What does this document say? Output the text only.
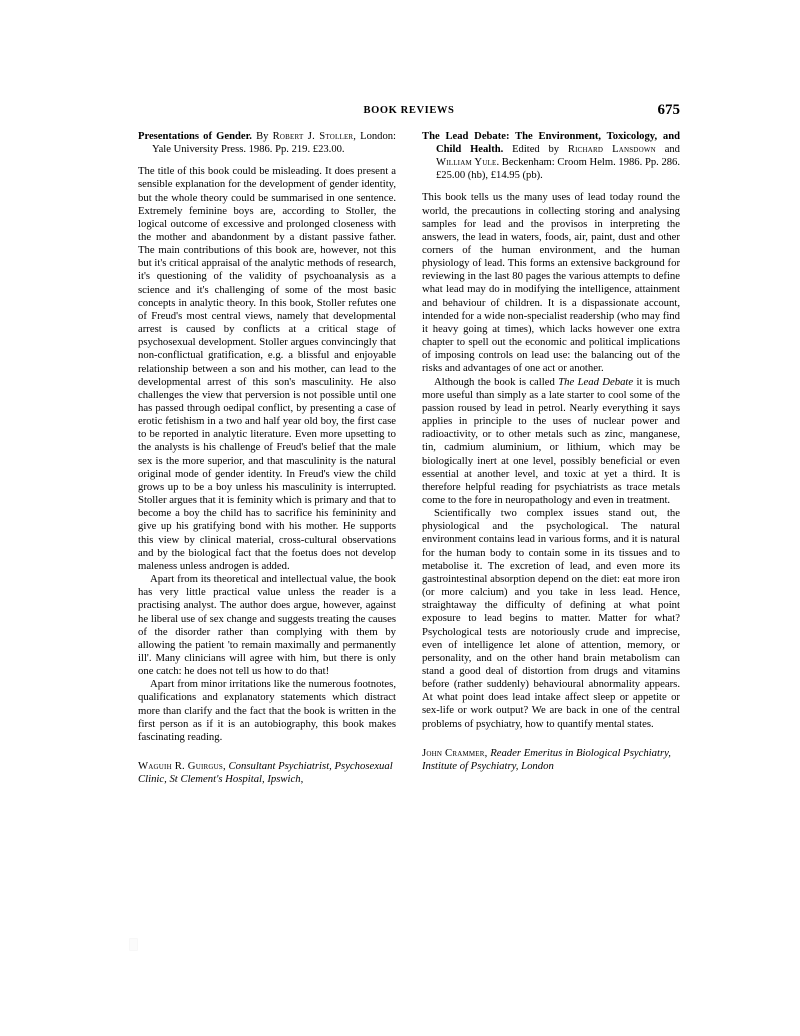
BOOK REVIEWS	675
Presentations of Gender. By Robert J. Stoller, London: Yale University Press. 1986. Pp. 219. £23.00.

The title of this book could be misleading. It does present a sensible explanation for the development of gender identity, but the whole theory could be summarised in one sentence. Extremely feminine boys are, according to Stoller, the logical outcome of excessive and prolonged closeness with the mother and abandonment by a distant passive father. The main contributions of this book are, however, not this but it's critical appraisal of the analytic methods of research, it's questioning of the validity of psychoanalysis as a science and it's challenging of some of the most basic concepts in analytic theory. In this book, Stoller refutes one of Freud's most central views, namely that developmental arrest is caused by conflicts at a critical stage of psychosexual development. Stoller argues convincingly that non-conflictual gratification, e.g. a blissful and enjoyable relationship between a son and his mother, can lead to the developmental arrest of this son's masculinity. He also challenges the view that perversion is not possible until one has passed through oedipal conflict, by presenting a case of erotic fetishism in a two and half year old boy, the first case to be reported in analytic literature. Even more upsetting to the analysts is his challenge of Freud's belief that the male sex is the more superior, and that masculinity is the natural original mode of gender identity. In Freud's view the child grows up to be a boy unless his masculinity is interrupted. Stoller argues that it is feminity which is primary and that to become a boy the child has to sacrifice his femininity and give up his gratifying bond with his mother. He supports this view by clinical material, cross-cultural observations and by the biological fact that the foetus does not develop maleness unless androgen is added.

Apart from its theoretical and intellectual value, the book has very little practical value unless the reader is a practising analyst. The author does argue, however, against he liberal use of sex change and suggests treating the causes of the disorder rather than complying with them by allowing the patient 'to remain maximally and permanently ill'. Many clinicians will agree with him, but there is only one catch: he does not tell us how to do that!

Apart from minor irritations like the numerous footnotes, qualifications and explanatory statements which distract more than clarify and the fact that the book is written in the first person as if it is an autobiography, this book makes fascinating reading.

Waguih R. Guirgus, Consultant Psychiatrist, Psychosexual Clinic, St Clement's Hospital, Ipswich,
The Lead Debate: The Environment, Toxicology, and Child Health. Edited by Richard Lansdown and William Yule. Beckenham: Croom Helm. 1986. Pp. 286. £25.00 (hb), £14.95 (pb).

This book tells us the many uses of lead today round the world, the precautions in collecting storing and analysing samples for lead and the provisos in interpreting the answers, the lead in waters, foods, air, paint, dust and other corners of the human environment, and the human physiology of lead. This forms an extensive background for reviewing in the last 80 pages the various attempts to define what lead may do in modifying the intelligence, attainment and behaviour of children. It is a dispassionate account, intended for a wide non-specialist readership (who may find it heavy going at times), which lacks however one extra chapter to spell out the economic and political implications of imposing controls on lead use: the balancing out of the risks and advantages of one act or another.

Although the book is called The Lead Debate it is much more useful than simply as a late starter to cool some of the passion roused by lead in petrol. Nearly everything it says applies in principle to the uses of nuclear power and radioactivity, or to other metals such as zinc, manganese, tin, cadmium aluminium, or lithium, which may be biologically inert at one level, possibly beneficial or even essential at another level, and toxic at yet a third. It is therefore helpful reading for psychiatrists as trace metals come to the fore in neuropathology and even in treatment.

Scientifically two complex issues stand out, the physiological and the psychological. The natural environment contains lead in various forms, and it is natural for the human body to contain some in its tissues and to metabolise it. The excretion of lead, and even more its gastrointestinal absorption depend on the diet: eat more iron (or more calcium) and you take in less lead. Hence, straightaway the difficulty of defining at what point exposure to lead begins to matter. Matter for what? Psychological tests are notoriously crude and imprecise, even of intelligence let alone of attention, memory, or personality, and on the other hand brain metabolism can stand a good deal of distortion from drugs and vitamins before (rather suddenly) behavioural abnormality appears. At what point does lead intake affect sleep or appetite or sex-life or work output? We are back in one of the central problems of psychiatry, how to quantify mental states.

John Crammer, Reader Emeritus in Biological Psychiatry, Institute of Psychiatry, London
